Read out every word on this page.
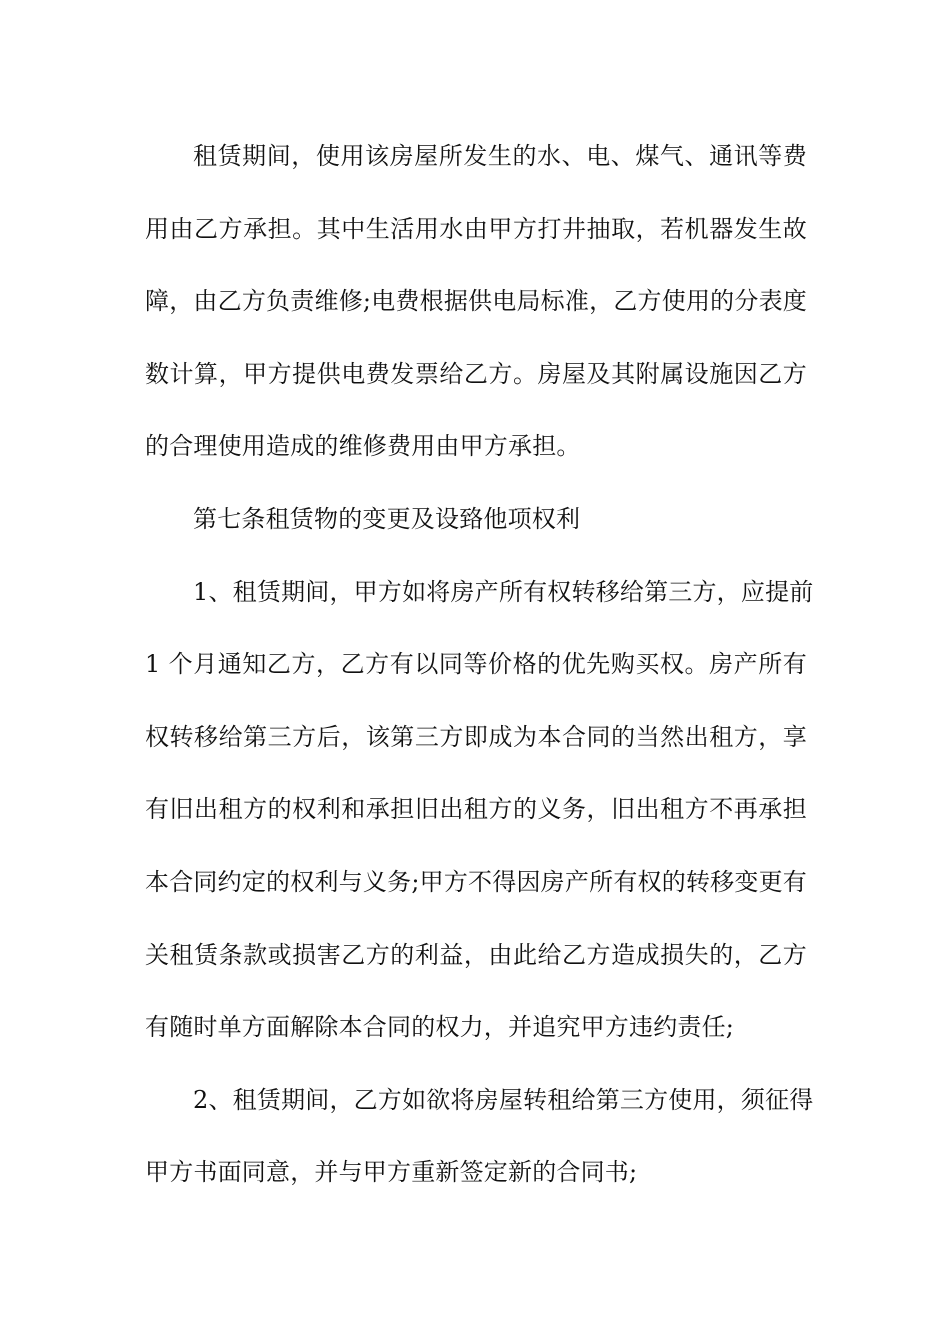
租赁期间，使用该房屋所发生的水、电、煤气、通讯等费
用由乙方承担。其中生活用水由甲方打井抽取，若机器发生故
障，由乙方负责维修;电费根据供电局标准，乙方使用的分表度
数计算，甲方提供电费发票给乙方。房屋及其附属设施因乙方
的合理使用造成的维修费用由甲方承担。
第七条租赁物的变更及设臵他项权利
1、租赁期间，甲方如将房产所有权转移给第三方，应提前
1 个月通知乙方，乙方有以同等价格的优先购买权。房产所有
权转移给第三方后，该第三方即成为本合同的当然出租方，享
有旧出租方的权利和承担旧出租方的义务，旧出租方不再承担
本合同约定的权利与义务;甲方不得因房产所有权的转移变更有
关租赁条款或损害乙方的利益，由此给乙方造成损失的，乙方
有随时单方面解除本合同的权力，并追究甲方违约责任;
2、租赁期间，乙方如欲将房屋转租给第三方使用，须征得
甲方书面同意，并与甲方重新签定新的合同书;
